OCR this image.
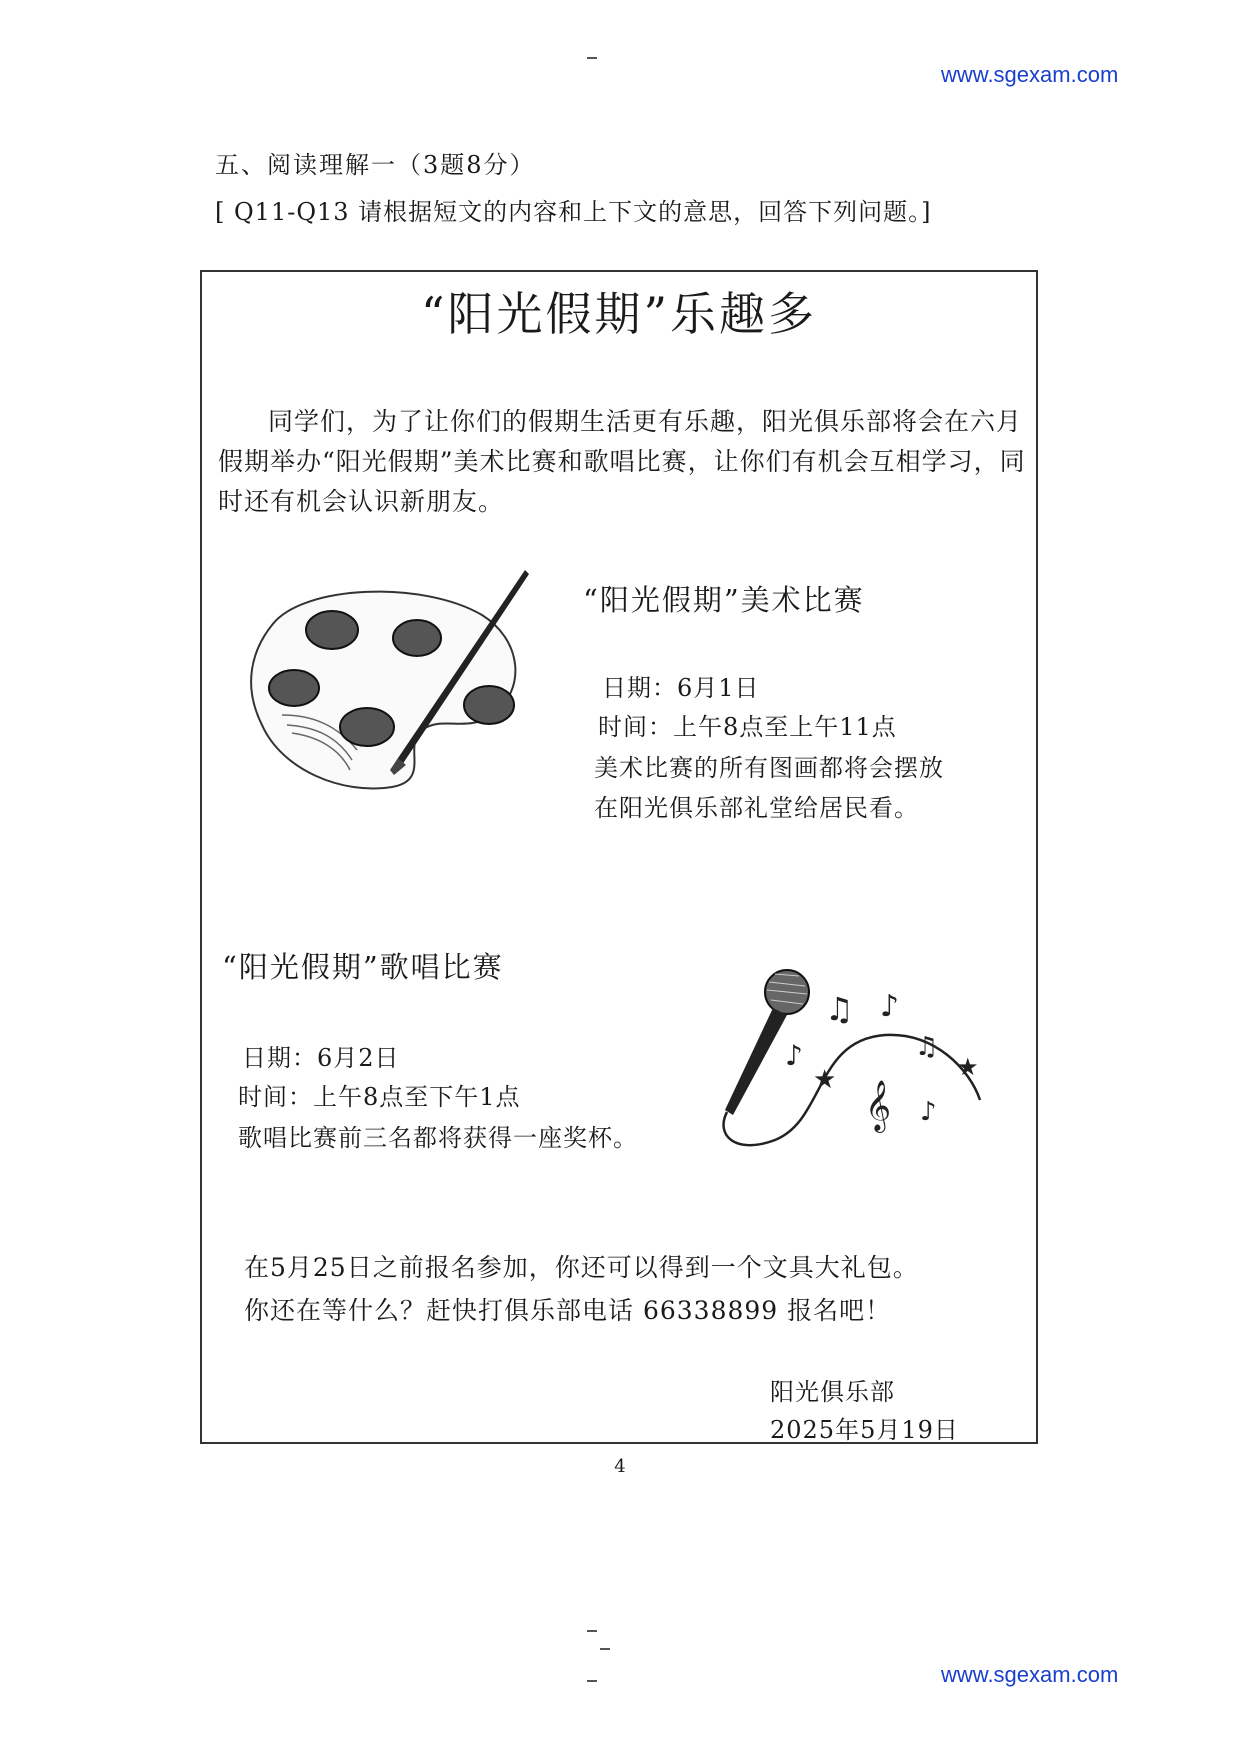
www.sgexam.com
www.sgexam.com
五、阅读理解一（3题8分）
[ Q11-Q13 请根据短文的内容和上下文的意思，回答下列问题。]
“阳光假期”乐趣多
同学们，为了让你们的假期生活更有乐趣，阳光俱乐部将会在六月假期举办“阳光假期”美术比赛和歌唱比赛，让你们有机会互相学习，同时还有机会认识新朋友。
“阳光假期”美术比赛
日期：6月1日
时间：上午8点至上午11点
美术比赛的所有图画都将会摆放
在阳光俱乐部礼堂给居民看。
“阳光假期”歌唱比赛
日期：6月2日
时间：上午8点至下午1点
歌唱比赛前三名都将获得一座奖杯。
♫ ♪
♪	♫
𝄞 ♪
★	★
在5月25日之前报名参加，你还可以得到一个文具大礼包。
你还在等什么？赶快打俱乐部电话 66338899 报名吧！
阳光俱乐部
2025年5月19日
4
